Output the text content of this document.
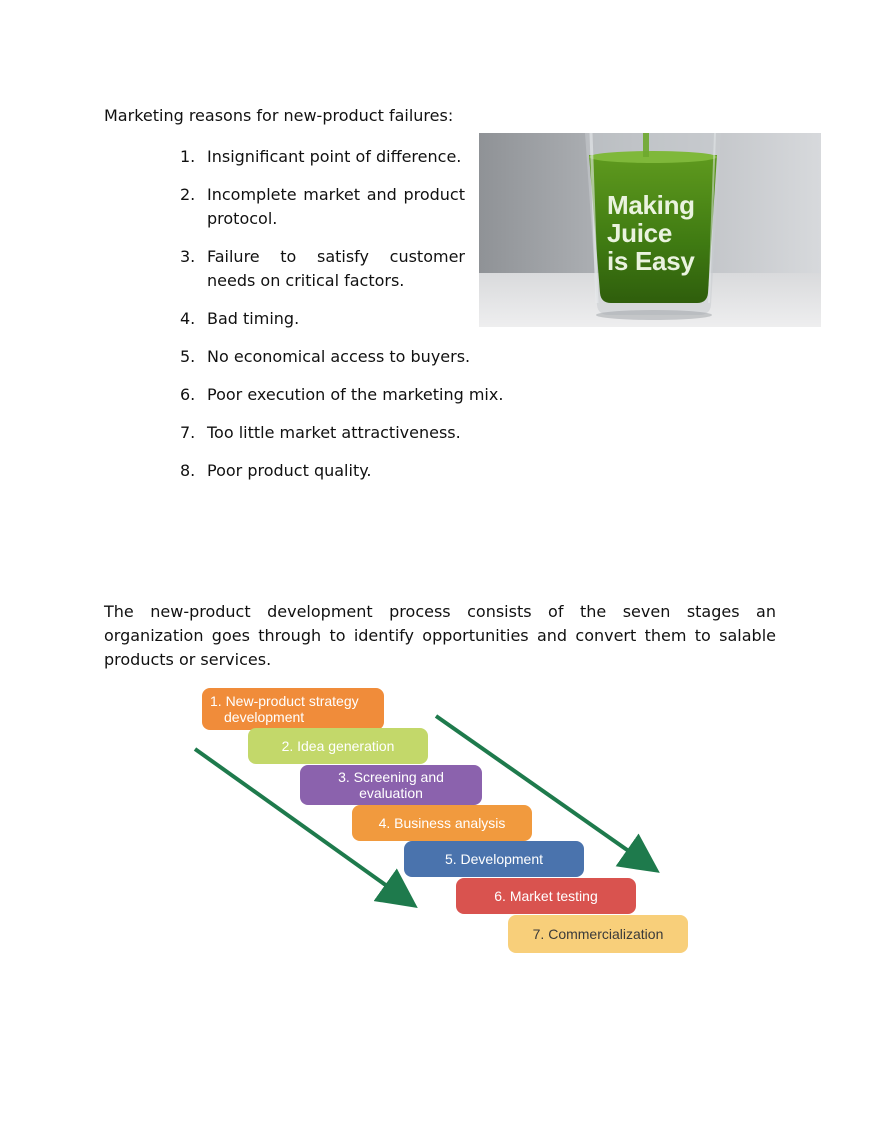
Marketing reasons for new-product failures:

1. Insignificant point of difference.
2. Incomplete market and product protocol.
3. Failure to satisfy customer needs on critical factors.
4. Bad timing.
5. No economical access to buyers.
6. Poor execution of the marketing mix.
7. Too little market attractiveness.
8. Poor product quality.
Making
Juice
is Easy

The new-product development process consists of the seven stages an organization goes through to identify opportunities and convert them to salable products or services.

1. New-product strategy
development
2. Idea generation
3. Screening and
evaluation
4. Business analysis
5. Development
6. Market testing
7. Commercialization
